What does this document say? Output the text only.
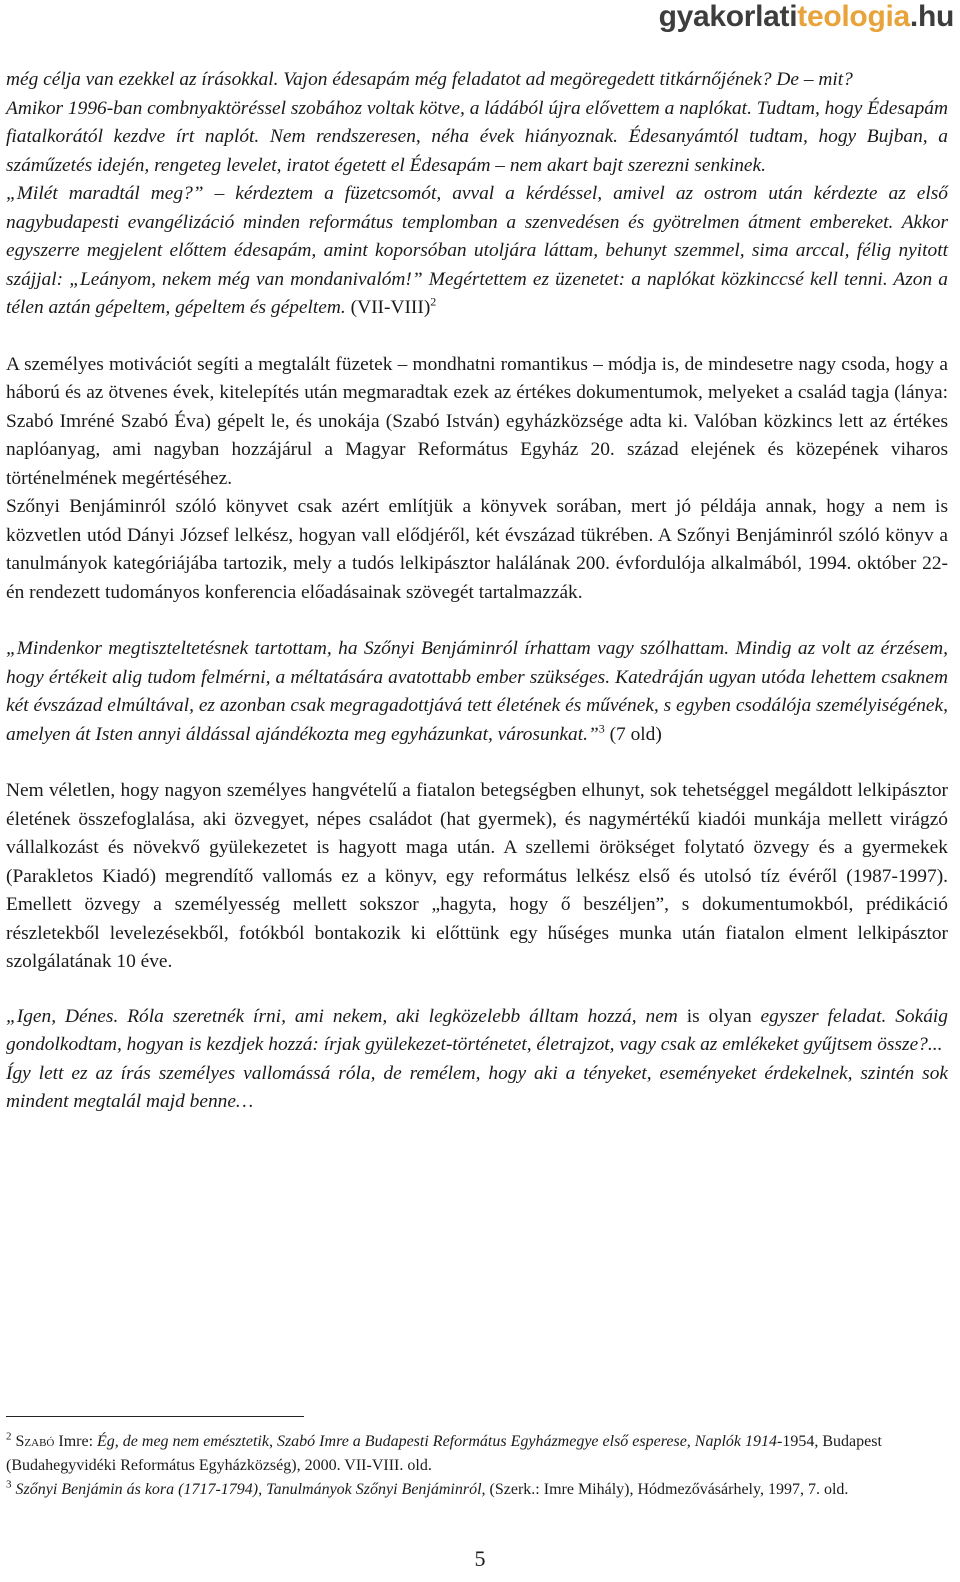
gyakorlatiteologia.hu

még célja van ezekkel az írásokkal. Vajon édesapám még feladatot ad megöregedett titkárnőjének? De – mit?

Amikor 1996-ban combnyaktöréssel szobához voltak kötve, a ládából újra elővettem a naplókat. Tudtam, hogy Édesapám fiatalkorától kezdve írt naplót. Nem rendszeresen, néha évek hiányoznak. Édesanyámtól tudtam, hogy Bujban, a száműzetés idején, rengeteg levelet, iratot égetett el Édesapám – nem akart bajt szerezni senkinek.

„Milét maradtál meg?” – kérdeztem a füzetcsomót, avval a kérdéssel, amivel az ostrom után kérdezte az első nagybudapesti evangélizáció minden református templomban a szenvedésen és gyötrelmen átment embereket. Akkor egyszerre megjelent előttem édesapám, amint koporsóban utoljára láttam, behunyt szemmel, sima arccal, félig nyitott szájjal: „Leányom, nekem még van mondanivalóm!” Megértettem ez üzenetet: a naplókat közkinccsé kell tenni. Azon a télen aztán gépeltem, gépeltem és gépeltem. (VII-VIII)$^2$

A személyes motivációt segíti a megtalált füzetek – mondhatni romantikus – módja is, de mindesetre nagy csoda, hogy a háború és az ötvenes évek, kitelepítés után megmaradtak ezek az értékes dokumentumok, melyeket a család tagja (lánya: Szabó Imréné Szabó Éva) gépelt le, és unokája (Szabó István) egyházközsége adta ki. Valóban közkincs lett az értékes naplóanyag, ami nagyban hozzájárul a Magyar Református Egyház 20. század elejének és közepének viharos történelmének megértéséhez.

Szőnyi Benjáminról szóló könyvet csak azért említjük a könyvek sorában, mert jó példája annak, hogy a nem is közvetlen utód Dányi József lelkész, hogyan vall elődjéről, két évszázad tükrében. A Szőnyi Benjáminról szóló könyv a tanulmányok kategóriájába tartozik, mely a tudós lelkipásztor halálának 200. évfordulója alkalmából, 1994. október 22-én rendezett tudományos konferencia előadásainak szövegét tartalmazzák.

„Mindenkor megtiszteltetésnek tartottam, ha Szőnyi Benjáminról írhattam vagy szólhattam. Mindig az volt az érzésem, hogy értékeit alig tudom felmérni, a méltatására avatottabb ember szükséges. Katedráján ugyan utóda lehettem csaknem két évszázad elmúltával, ez azonban csak megragadottjává tett életének és művének, s egyben csodálója személyiségének, amelyen át Isten annyi áldással ajándékozta meg egyházunkat, városunkat.”$^3$ (7 old)

Nem véletlen, hogy nagyon személyes hangvételű a fiatalon betegségben elhunyt, sok tehetséggel megáldott lelkipásztor életének összefoglalása, aki özvegyet, népes családot (hat gyermek), és nagymértékű kiadói munkája mellett virágzó vállalkozást és növekvő gyülekezetet is hagyott maga után. A szellemi örökséget folytató özvegy és a gyermekek (Parakletos Kiadó) megrendítő vallomás ez a könyv, egy református lelkész első és utolsó tíz évéről (1987-1997). Emellett özvegy a személyesség mellett sokszor „hagyta, hogy ő beszéljen”, s dokumentumokból, prédikáció részletekből levelezésekből, fotókból bontakozik ki előttünk egy hűséges munka után fiatalon elment lelkipásztor szolgálatának 10 éve.

„Igen, Dénes. Róla szeretnék írni, ami nekem, aki legközelebb álltam hozzá, nem is olyan egyszer feladat. Sokáig gondolkodtam, hogyan is kezdjek hozzá: írjak gyülekezet-történetet, életrajzot, vagy csak az emlékeket gyűjtsem össze?...

Így lett ez az írás személyes vallomássá róla, de remélem, hogy aki a tényeket, eseményeket érdekelnek, szintén sok mindent megtalál majd benne…

$^2$ Szabó Imre: Ég, de meg nem emésztetik, Szabó Imre a Budapesti Református Egyházmegye első esperese, Naplók 1914-1954, Budapest (Budahegyvidéki Református Egyházközség), 2000. VII-VIII. old.

$^3$ Szőnyi Benjámin ás kora (1717-1794), Tanulmányok Szőnyi Benjáminról, (Szerk.: Imre Mihály), Hódmezővásárhely, 1997, 7. old.

5
